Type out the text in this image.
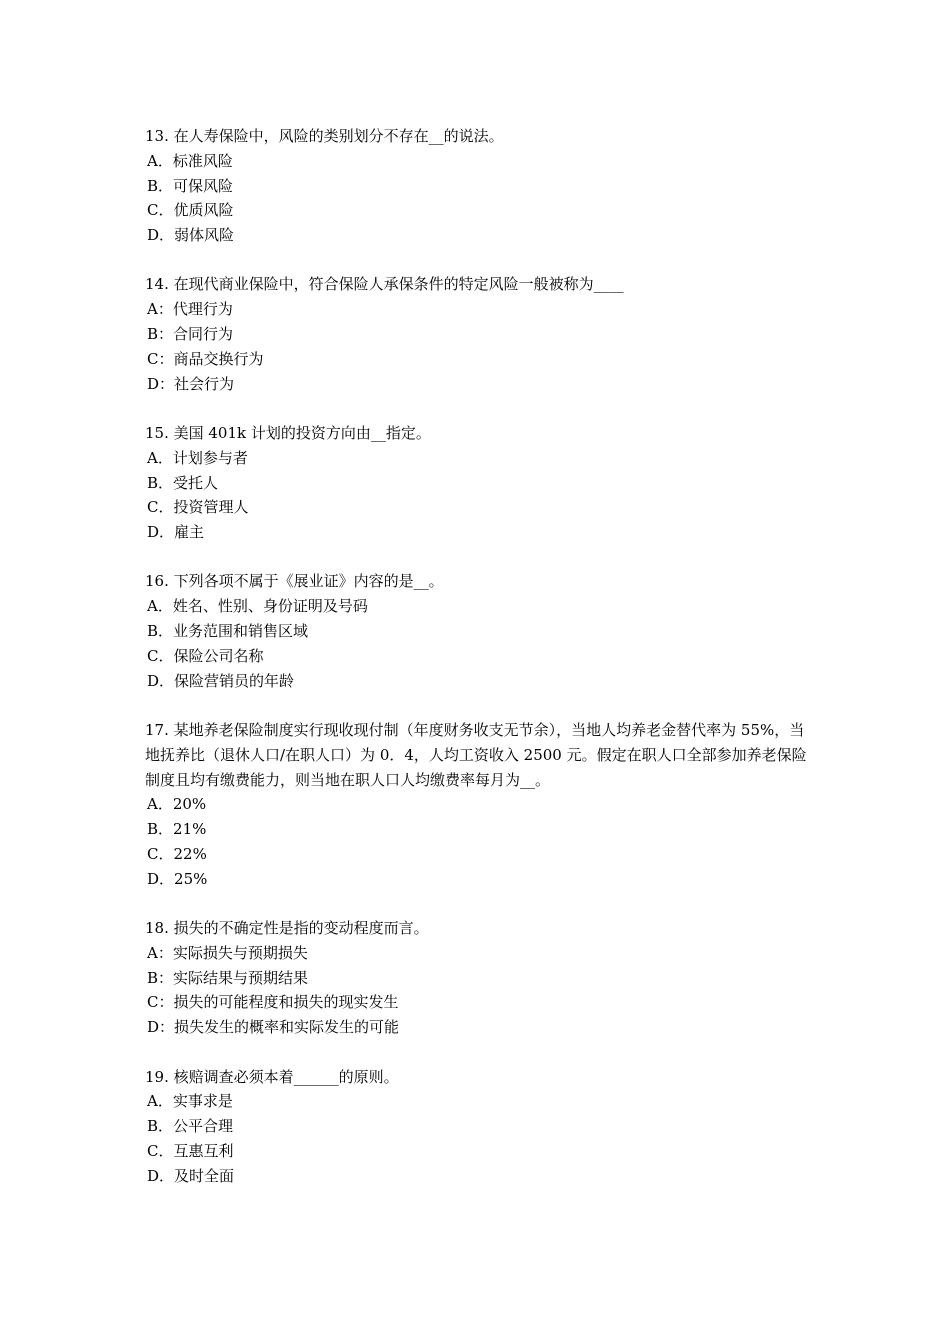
13. 在人寿保险中，风险的类别划分不存在__的说法。

A．标准风险

B．可保风险

C．优质风险

D．弱体风险

14. 在现代商业保险中，符合保险人承保条件的特定风险一般被称为____

A：代理行为

B：合同行为

C：商品交换行为

D：社会行为

15. 美国 401k 计划的投资方向由__指定。

A．计划参与者

B．受托人

C．投资管理人

D．雇主

16. 下列各项不属于《展业证》内容的是__。

A．姓名、性别、身份证明及号码

B．业务范围和销售区域

C．保险公司名称

D．保险营销员的年龄

17. 某地养老保险制度实行现收现付制（年度财务收支无节余），当地人均养老金替代率为 55%，当地抚养比（退休人口/在职人口）为 0．4，人均工资收入 2500 元。假定在职人口全部参加养老保险制度且均有缴费能力，则当地在职人口人均缴费率每月为__。

A．20%

B．21%

C．22%

D．25%

18. 损失的不确定性是指的变动程度而言。

A：实际损失与预期损失

B：实际结果与预期结果

C：损失的可能程度和损失的现实发生

D：损失发生的概率和实际发生的可能

19. 核赔调查必须本着______的原则。

A．实事求是

B．公平合理

C．互惠互利

D．及时全面
